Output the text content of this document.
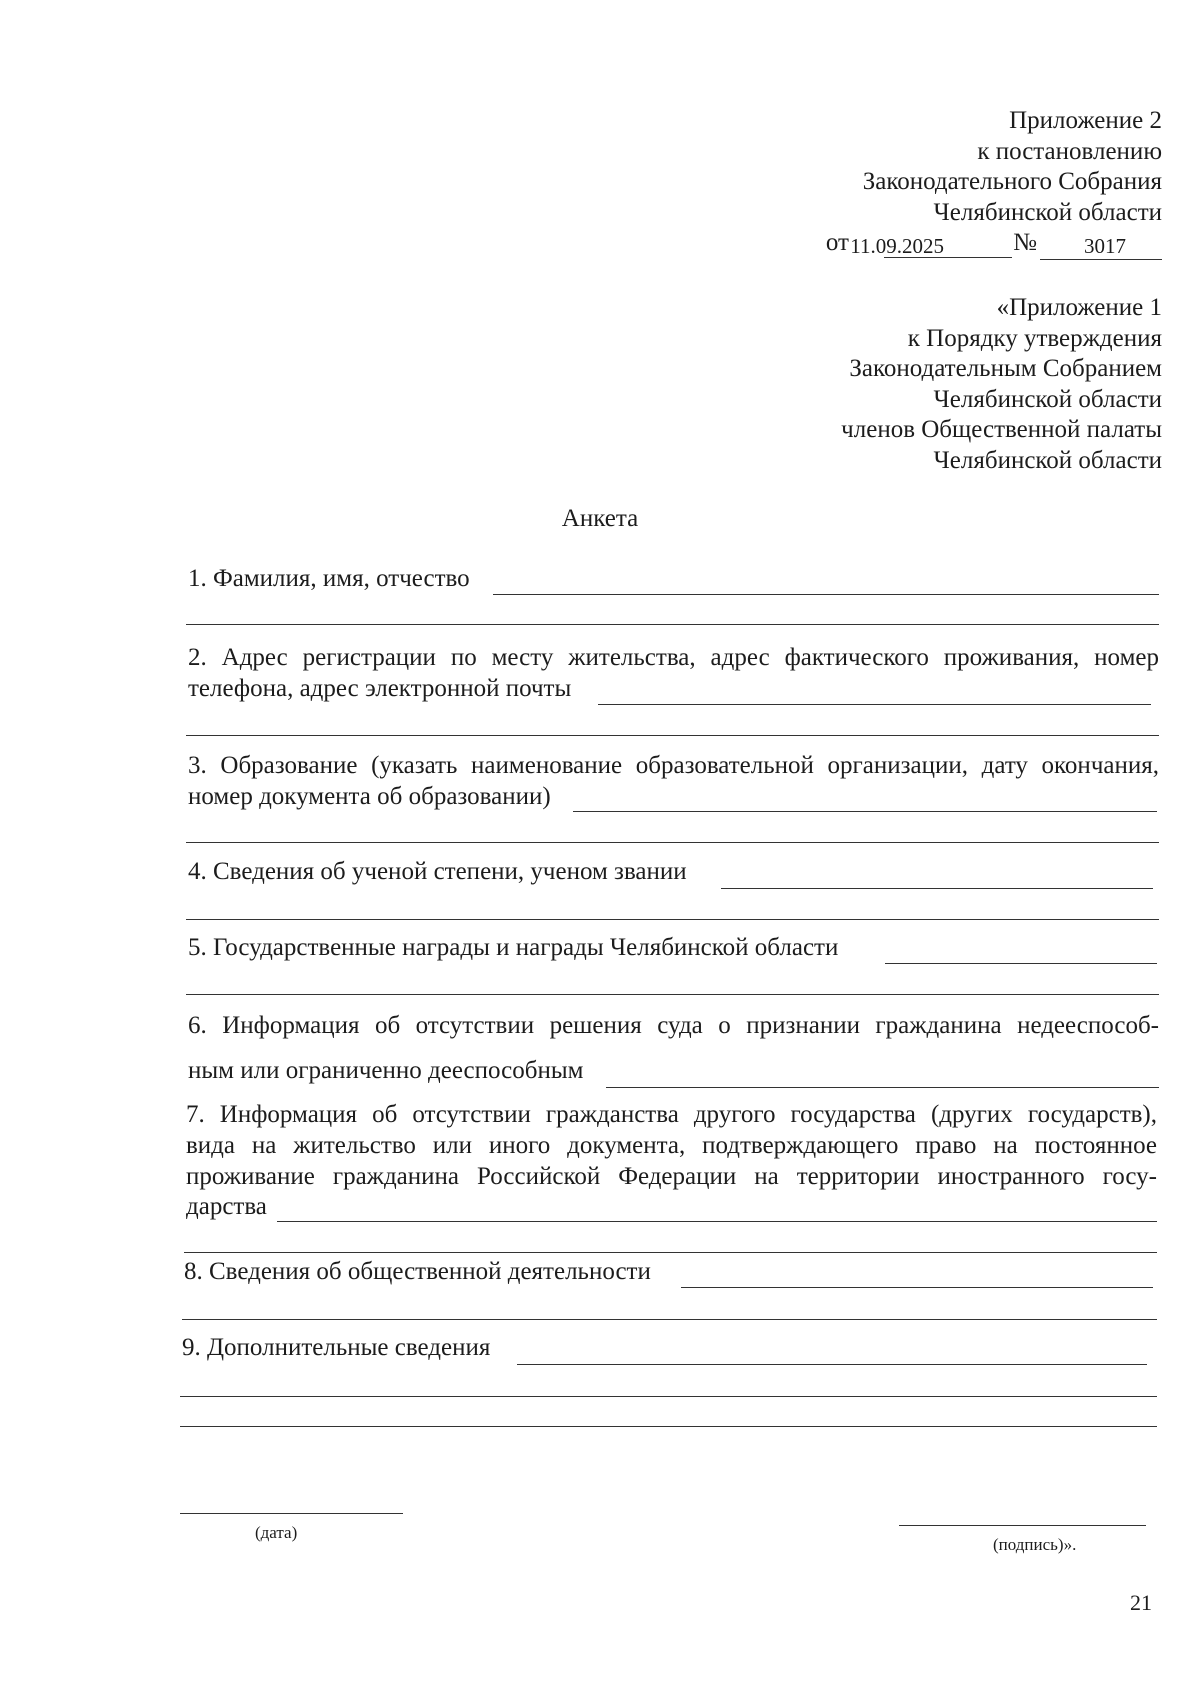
Приложение 2
к постановлению
Законодательного Собрания
Челябинской области
от 11.09.2025	№ 3017
«Приложение 1
к Порядку утверждения
Законодательным Собранием
Челябинской области
членов Общественной палаты
Челябинской области
Анкета
1. Фамилия, имя, отчество
2. Адрес регистрации по месту жительства, адрес фактического проживания, номер
телефона, адрес электронной почты
3. Образование (указать наименование образовательной организации, дату окончания,
номер документа об образовании)
4. Сведения об ученой степени, ученом звании
5. Государственные награды и награды Челябинской области
6. Информация об отсутствии решения суда о признании гражданина недееспособ-
ным или ограниченно дееспособным
7. Информация об отсутствии гражданства другого государства (других государств),
вида на жительство или иного документа, подтверждающего право на постоянное
проживание гражданина Российской Федерации на территории иностранного госу-
дарства
8. Сведения об общественной деятельности
9. Дополнительные сведения
(дата)
(подпись)».
21
